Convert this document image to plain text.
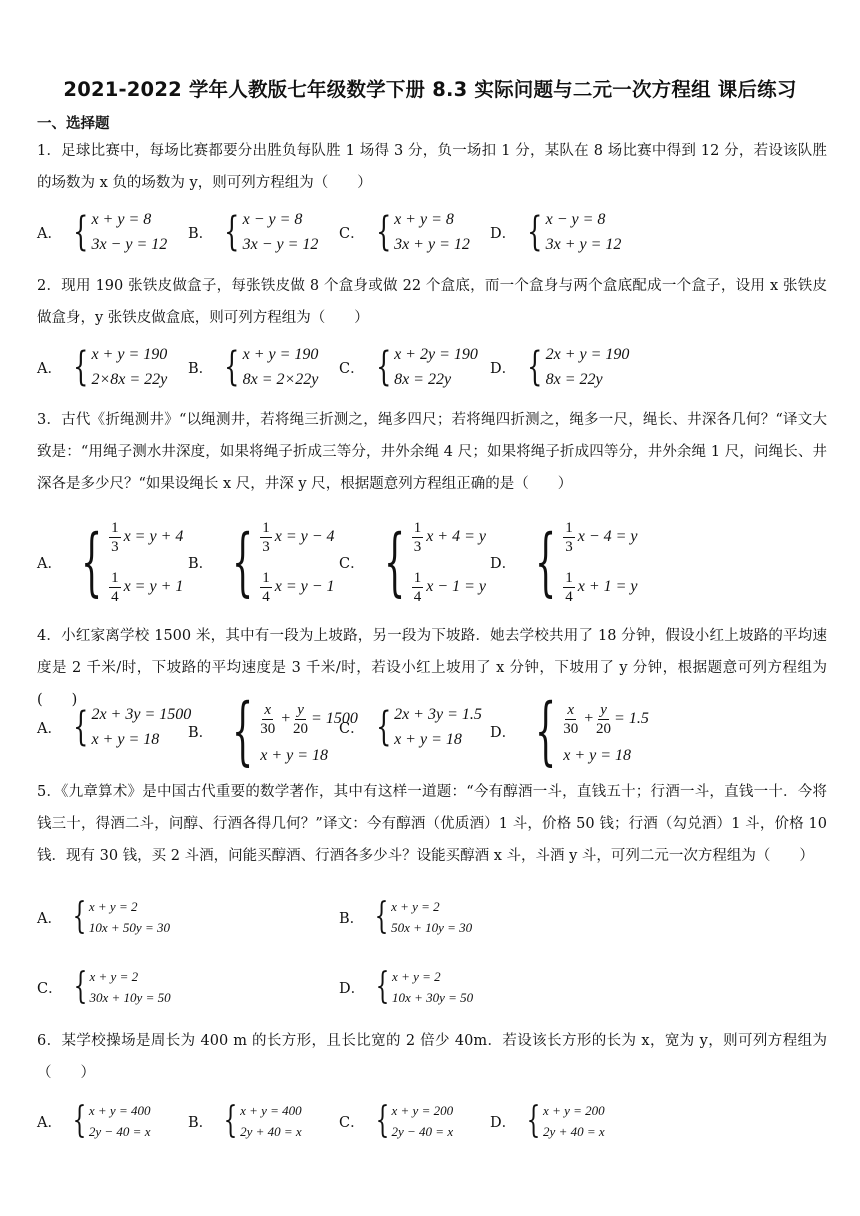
2021-2022 学年人教版七年级数学下册 8.3 实际问题与二元一次方程组 课后练习
一、选择题
1．足球比赛中，每场比赛都要分出胜负每队胜 1 场得 3 分，负一场扣 1 分，某队在 8 场比赛中得到 12 分，若设该队胜的场数为 x 负的场数为 y，则可列方程组为（　　）
A． { x + y = 8
3x − y = 12
B． { x − y = 8
3x − y = 12
C． { x + y = 8
3x + y = 12
D． { x − y = 8
3x + y = 12
2．现用 190 张铁皮做盒子，每张铁皮做 8 个盒身或做 22 个盒底，而一个盒身与两个盒底配成一个盒子，设用 x 张铁皮做盒身，y 张铁皮做盒底，则可列方程组为（　　）
A． { x + y = 190
2×8x = 22y
B． { x + y = 190
8x = 2×22y
C． { x + 2y = 190
8x = 22y
D． { 2x + y = 190
8x = 22y
3．古代《折绳测井》“以绳测井，若将绳三折测之，绳多四尺；若将绳四折测之，绳多一尺，绳长、井深各几何？“译文大致是：“用绳子测水井深度，如果将绳子折成三等分，井外余绳 4 尺；如果将绳子折成四等分，井外余绳 1 尺，问绳长、井深各是多少尺？“如果设绳长 x 尺，井深 y 尺，根据题意列方程组正确的是（　　）
A． { $\frac{1}{3}$ x = y + 4
$\frac{1}{4}$ x = y + 1
B． { $\frac{1}{3}$ x = y − 4
$\frac{1}{4}$ x = y − 1
C． { $\frac{1}{3}$ x + 4 = y
$\frac{1}{4}$ x − 1 = y
D． { $\frac{1}{3}$ x − 4 = y
$\frac{1}{4}$ x + 1 = y
4．小红家离学校 1500 米，其中有一段为上坡路，另一段为下坡路．她去学校共用了 18 分钟，假设小红上坡路的平均速度是 2 千米/时，下坡路的平均速度是 3 千米/时，若设小红上坡用了 x 分钟，下坡用了 y 分钟，根据题意可列方程组为(　　)
A． { 2x + 3y = 1500
x + y = 18	B． { $\frac{x}{30} + \frac{y}{20} = 1500$
x + y = 18
C． { 2x + 3y = 1.5
x + y = 18	D． { $\frac{x}{30} + \frac{y}{20} = 1.5$
x + y = 18
5．《九章算术》是中国古代重要的数学著作，其中有这样一道题：“今有醇酒一斗，直钱五十；行酒一斗，直钱一十．今将钱三十，得酒二斗，问醇、行酒各得几何？”译文：今有醇酒（优质酒）1 斗，价格 50 钱；行酒（勾兑酒）1 斗，价格 10 钱．现有 30 钱，买 2 斗酒，问能买醇酒、行酒各多少斗？设能买醇酒 x 斗，斗酒 y 斗，可列二元一次方程组为（　　）
A． { x + y = 2
10x + 50y = 30
B． { x + y = 2
50x + 10y = 30
C． { x + y = 2
30x + 10y = 50
D． { x + y = 2
10x + 30y = 50
6．某学校操场是周长为 400 m 的长方形，且长比宽的 2 倍少 40m．若设该长方形的长为 x，宽为 y，则可列方程组为（　　）
A． { x + y = 400
2y − 40 = x
B． { x + y = 400
2y + 40 = x
C． { x + y = 200
2y − 40 = x
D． { x + y = 200
2y + 40 = x
